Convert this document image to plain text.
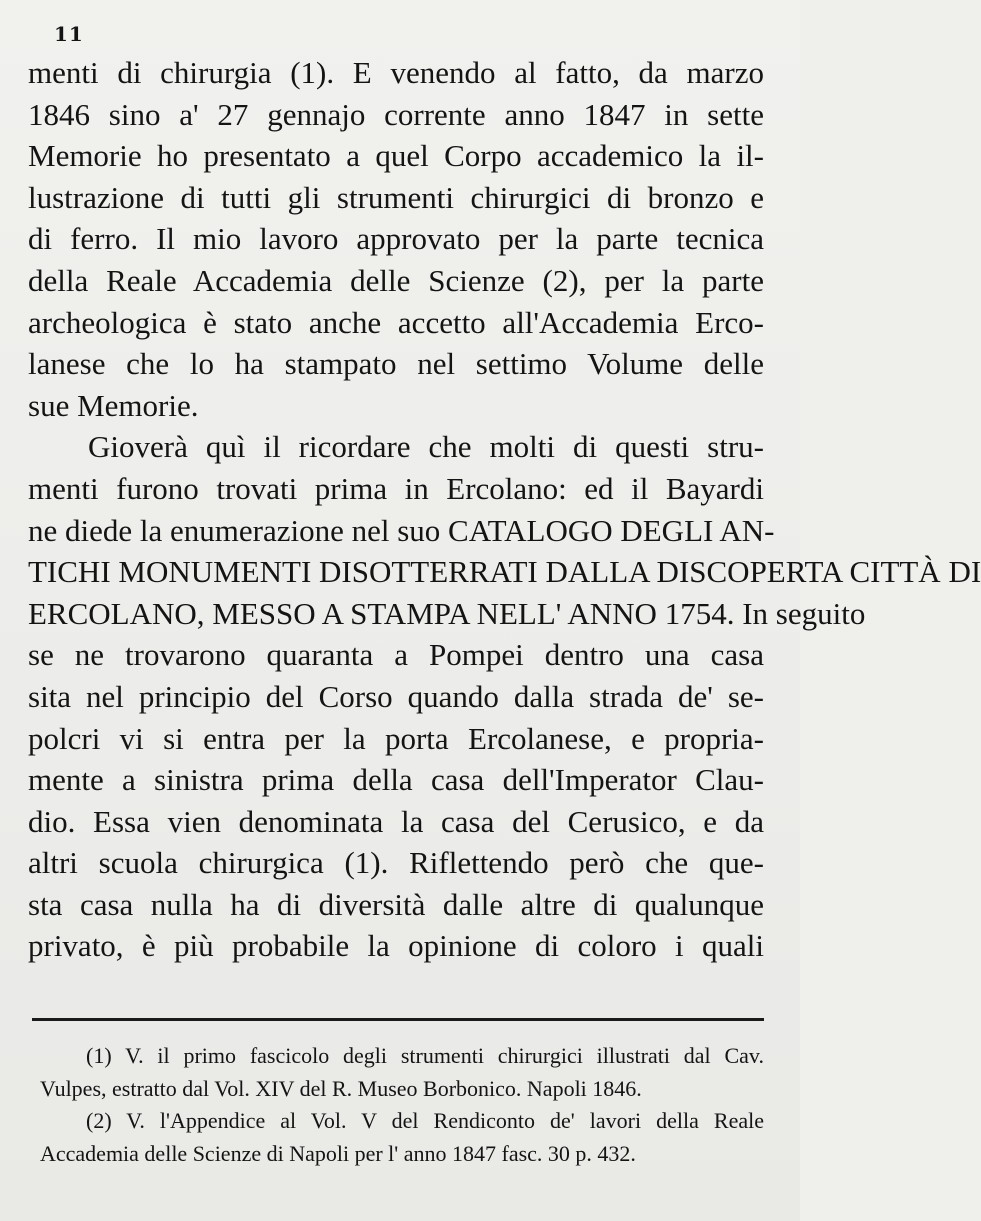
11
menti di chirurgia (1). E venendo al fatto, da marzo
1846 sino a' 27 gennajo corrente anno 1847 in sette
Memorie ho presentato a quel Corpo accademico la il-
lustrazione di tutti gli strumenti chirurgici di bronzo e
di ferro. Il mio lavoro approvato per la parte tecnica
della Reale Accademia delle Scienze (2), per la parte
archeologica è stato anche accetto all'Accademia Erco-
lanese che lo ha stampato nel settimo Volume delle
sue Memorie.
Gioverà quì il ricordare che molti di questi stru-
menti furono trovati prima in Ercolano: ed il Bayardi
ne diede la enumerazione nel suo CATALOGO DEGLI AN-
TICHI MONUMENTI DISOTTERRATI DALLA DISCOPERTA CITTÀ DI
ERCOLANO, MESSO A STAMPA NELL' ANNO 1754. In seguito
se ne trovarono quaranta a Pompei dentro una casa
sita nel principio del Corso quando dalla strada de' se-
polcri vi si entra per la porta Ercolanese, e propria-
mente a sinistra prima della casa dell'Imperator Clau-
dio. Essa vien denominata la casa del Cerusico, e da
altri scuola chirurgica (1). Riflettendo però che que-
sta casa nulla ha di diversità dalle altre di qualunque
privato, è più probabile la opinione di coloro i quali
(1) V. il primo fascicolo degli strumenti chirurgici illustrati dal Cav.
Vulpes, estratto dal Vol. XIV del R. Museo Borbonico. Napoli 1846.
(2) V. l'Appendice al Vol. V del Rendiconto de' lavori della Reale
Accademia delle Scienze di Napoli per l' anno 1847 fasc. 30 p. 432.
